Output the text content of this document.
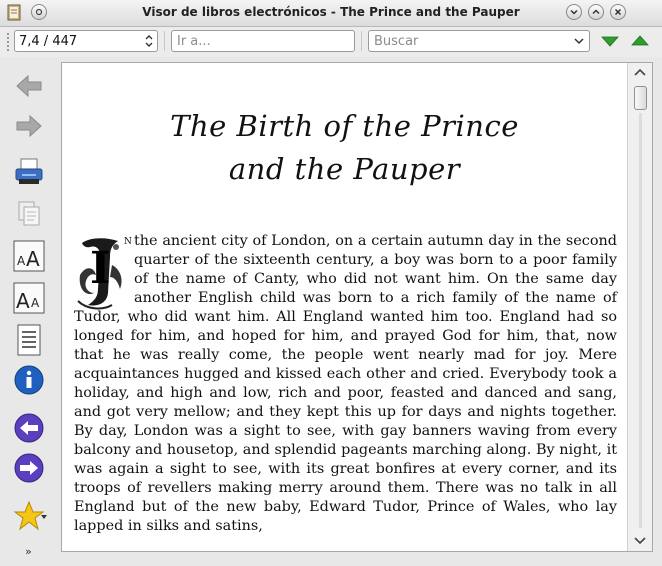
Visor de libros electrónicos - The Prince and the Pauper
7,4 / 447
Ir a...	Buscar
A A
A A
»
The Birth of the Prince
and the Pauper
I
N the ancient city of London, on a certain autumn day in the second quarter of the sixteenth century, a boy was born to a poor family of the name of Canty, who did not want him. On the same day another English child was born to a rich family of the name of Tudor, who did want him. All England wanted him too. England had so longed for him, and hoped for him, and prayed God for him, that, now that he was really come, the people went nearly mad for joy. Mere acquaintances hugged and kissed each other and cried. Everybody took a holiday, and high and low, rich and poor, feasted and danced and sang, and got very mellow; and they kept this up for days and nights together. By day, London was a sight to see, with gay banners waving from every balcony and housetop, and splendid pageants marching along. By night, it was again a sight to see, with its great bonfires at every corner, and its troops of revellers making merry around them. There was no talk in all England but of the new baby, Edward Tudor, Prince of Wales, who lay lapped in silks and satins,
